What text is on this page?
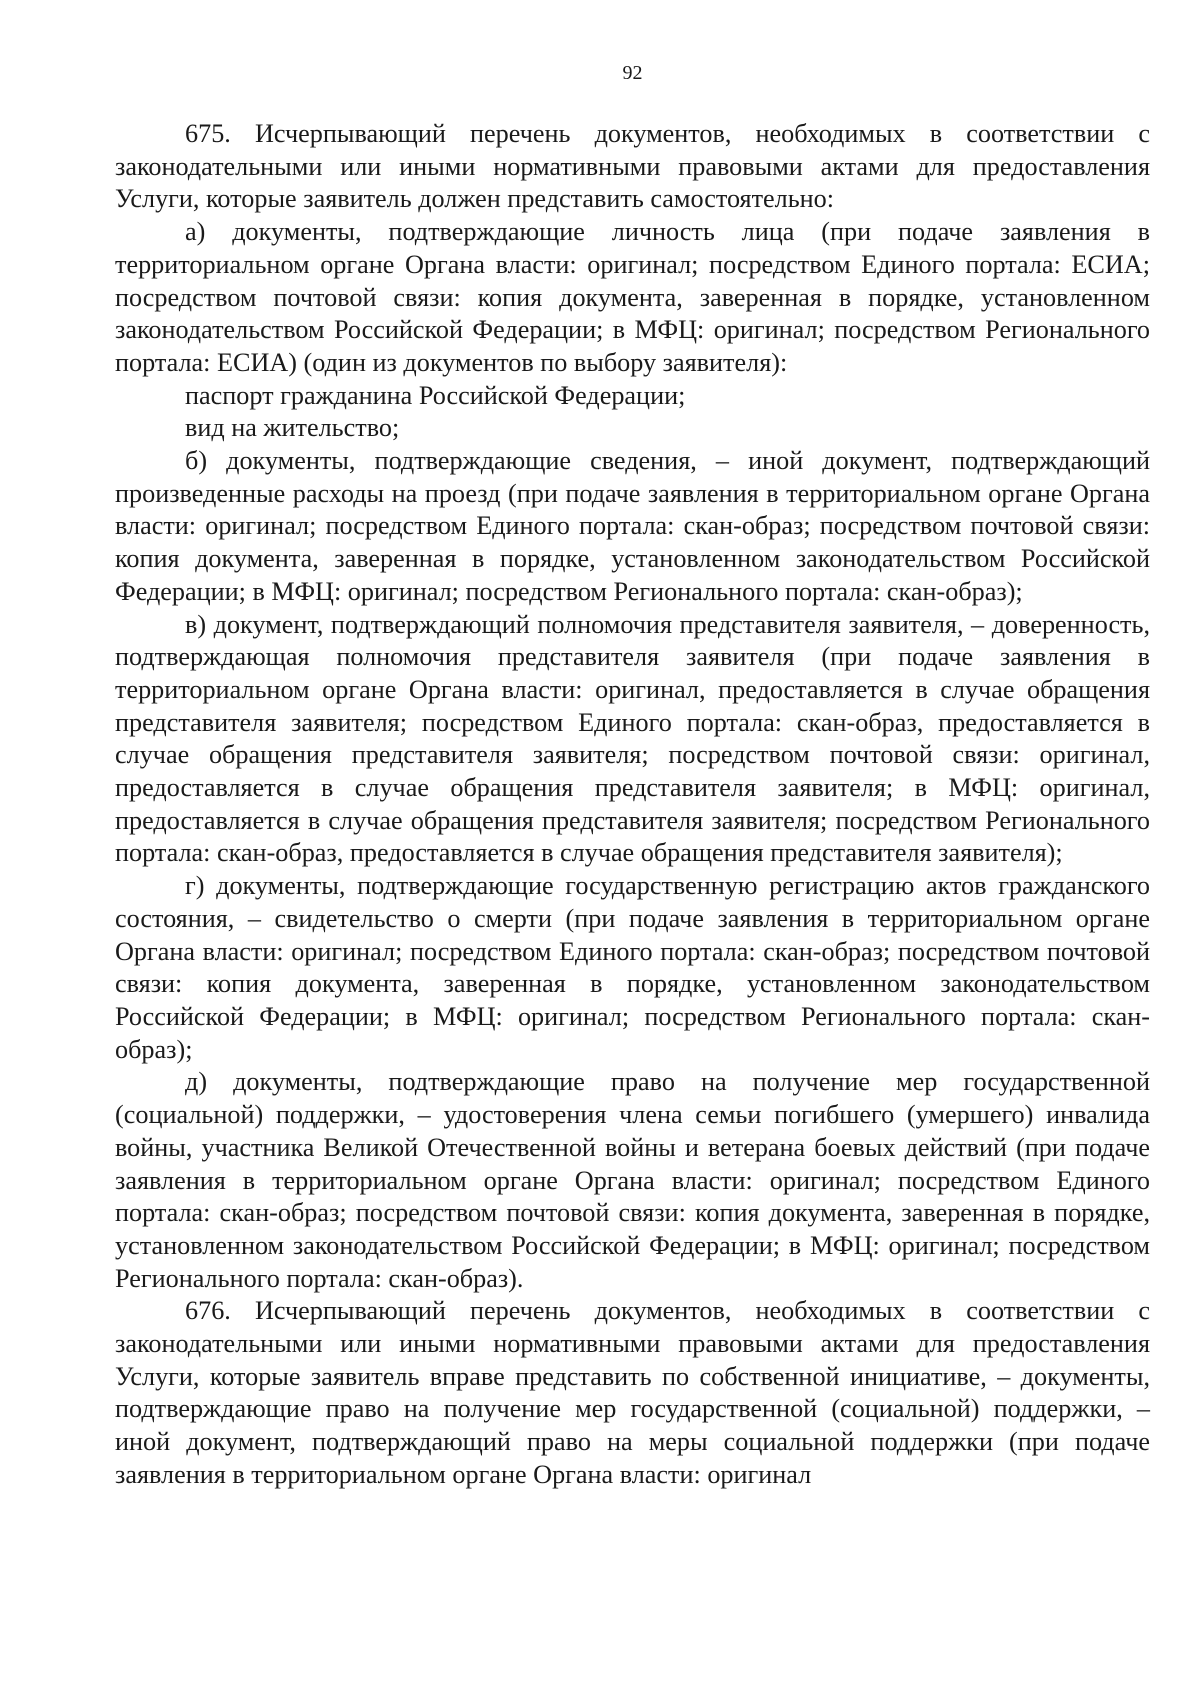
92

675. Исчерпывающий перечень документов, необходимых в соответствии с законодательными или иными нормативными правовыми актами для предоставления Услуги, которые заявитель должен представить самостоятельно:

а) документы, подтверждающие личность лица (при подаче заявления в территориальном органе Органа власти: оригинал; посредством Единого портала: ЕСИА; посредством почтовой связи: копия документа, заверенная в порядке, установленном законодательством Российской Федерации; в МФЦ: оригинал; посредством Регионального портала: ЕСИА) (один из документов по выбору заявителя):

паспорт гражданина Российской Федерации;

вид на жительство;

б) документы, подтверждающие сведения, – иной документ, подтверждающий произведенные расходы на проезд (при подаче заявления в территориальном органе Органа власти: оригинал; посредством Единого портала: скан-образ; посредством почтовой связи: копия документа, заверенная в порядке, установленном законодательством Российской Федерации; в МФЦ: оригинал; посредством Регионального портала: скан-образ);

в) документ, подтверждающий полномочия представителя заявителя, – доверенность, подтверждающая полномочия представителя заявителя (при подаче заявления в территориальном органе Органа власти: оригинал, предоставляется в случае обращения представителя заявителя; посредством Единого портала: скан-образ, предоставляется в случае обращения представителя заявителя; посредством почтовой связи: оригинал, предоставляется в случае обращения представителя заявителя; в МФЦ: оригинал, предоставляется в случае обращения представителя заявителя; посредством Регионального портала: скан-образ, предоставляется в случае обращения представителя заявителя);

г) документы, подтверждающие государственную регистрацию актов гражданского состояния, – свидетельство о смерти (при подаче заявления в территориальном органе Органа власти: оригинал; посредством Единого портала: скан-образ; посредством почтовой связи: копия документа, заверенная в порядке, установленном законодательством Российской Федерации; в МФЦ: оригинал; посредством Регионального портала: скан-образ);

д) документы, подтверждающие право на получение мер государственной (социальной) поддержки, – удостоверения члена семьи погибшего (умершего) инвалида войны, участника Великой Отечественной войны и ветерана боевых действий (при подаче заявления в территориальном органе Органа власти: оригинал; посредством Единого портала: скан-образ; посредством почтовой связи: копия документа, заверенная в порядке, установленном законодательством Российской Федерации; в МФЦ: оригинал; посредством Регионального портала: скан-образ).

676. Исчерпывающий перечень документов, необходимых в соответствии с законодательными или иными нормативными правовыми актами для предоставления Услуги, которые заявитель вправе представить по собственной инициативе, – документы, подтверждающие право на получение мер государственной (социальной) поддержки, – иной документ, подтверждающий право на меры социальной поддержки (при подаче заявления в территориальном органе Органа власти: оригинал
